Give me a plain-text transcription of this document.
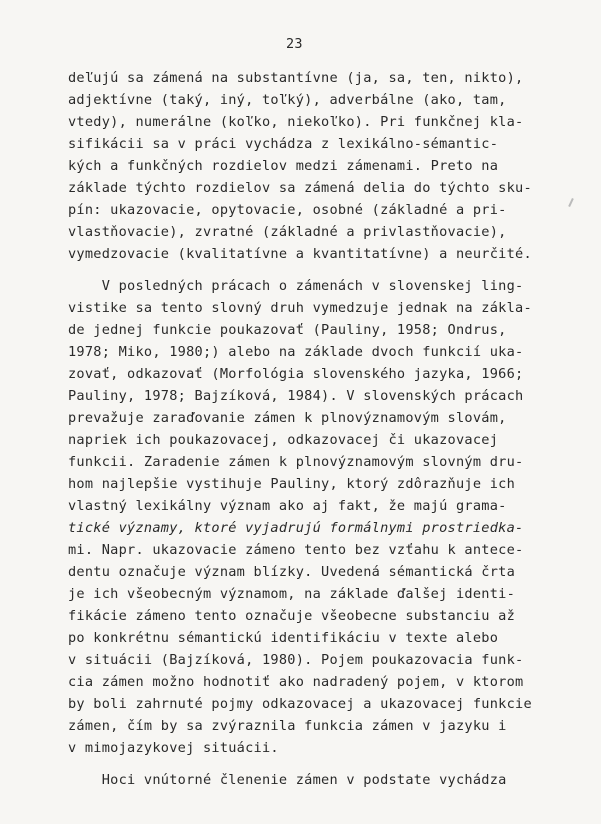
23
deľujú sa zámená na substantívne (ja, sa, ten, nikto),
adjektívne (taký, iný, toľký), adverbálne (ako, tam,
vtedy), numerálne (koľko, niekoľko). Pri funkčnej kla-
sifikácii sa v práci vychádza z lexikálno-sémantic-
kých a funkčných rozdielov medzi zámenami. Preto na
základe týchto rozdielov sa zámená delia do týchto sku-
pín: ukazovacie, opytovacie, osobné (základné a pri-
vlastňovacie), zvratné (základné a privlastňovacie),
vymedzovacie (kvalitatívne a kvantitatívne) a neurčité.
V posledných prácach o zámenách v slovenskej ling-
vistike sa tento slovný druh vymedzuje jednak na zákla-
de jednej funkcie poukazovať (Pauliny, 1958; Ondrus,
1978; Miko, 1980;) alebo na základe dvoch funkcií uka-
zovať, odkazovať (Morfológia slovenského jazyka, 1966;
Pauliny, 1978; Bajzíková, 1984). V slovenských prácach
prevažuje zaraďovanie zámen k plnovýznamovým slovám,
napriek ich poukazovacej, odkazovacej či ukazovacej
funkcii. Zaradenie zámen k plnovýznamovým slovným dru-
hom najlepšie vystihuje Pauliny, ktorý zdôrazňuje ich
vlastný lexikálny význam ako aj fakt, že majú grama-
tické významy, ktoré vyjadrujú formálnymi prostriedka-
mi. Napr. ukazovacie zámeno tento bez vzťahu k antece-
dentu označuje význam blízky. Uvedená sémantická črta
je ich všeobecným významom, na základe ďalšej identi-
fikácie zámeno tento označuje všeobecne substanciu až
po konkrétnu sémantickú identifikáciu v texte alebo
v situácii (Bajzíková, 1980). Pojem poukazovacia funk-
cia zámen možno hodnotiť ako nadradený pojem, v ktorom
by boli zahrnuté pojmy odkazovacej a ukazovacej funkcie
zámen, čím by sa zvýraznila funkcia zámen v jazyku i
v mimojazykovej situácii.
Hoci vnútorné členenie zámen v podstate vychádza
